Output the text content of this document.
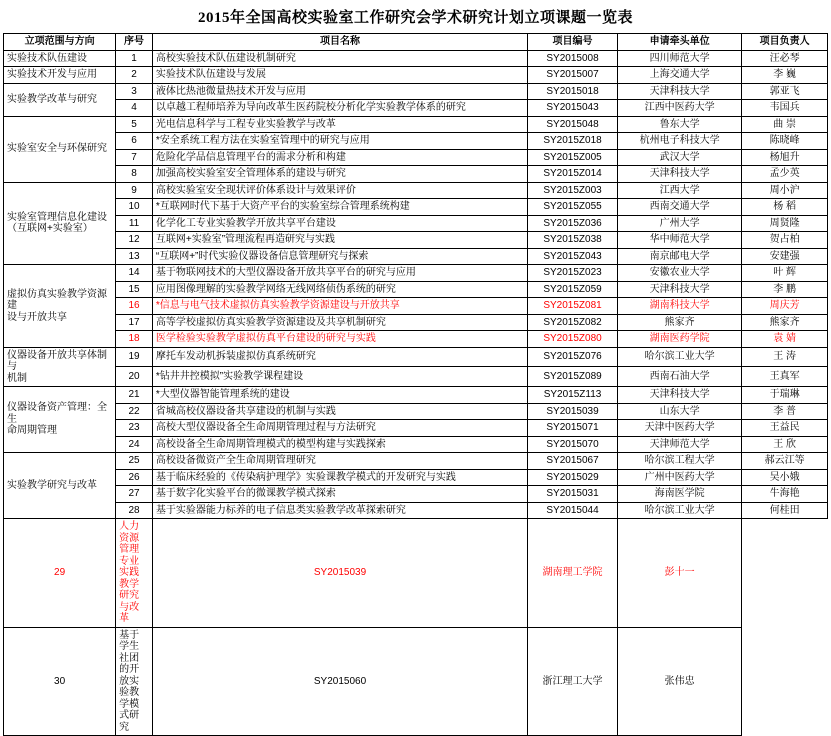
2015年全国高校实验室工作研究会学术研究计划立项课题一览表
立项范围与方向	序号	项目名称	项目编号	申请牵头单位	项目负责人
实验技术队伍建设	1	高校实验技术队伍建设机制研究	SY2015008	四川师范大学	汪必琴
实验技术开发与应用	2	实验技术队伍建设与发展	SY2015007	上海交通大学	李 巍
实验教学改革与研究	3	液体比热池微量热技术开发与应用	SY2015018	天津科技大学	郭亚飞
	4	以卓越工程师培养为导向改革生医药院校分析化学实验教学体系的研究	SY2015043	江西中医药大学	韦国兵
实验室安全与环保研究	5	光电信息科学与工程专业实验教学与改革	SY2015048	鲁东大学	曲 崇
	6	*安全系统工程方法在实验室管理中的研究与应用	SY2015Z018	杭州电子科技大学	陈晓峰
	7	危险化学品信息管理平台的需求分析和构建	SY2015Z005	武汉大学	杨旭升
	8	加强高校实验室安全管理体系的建设与研究	SY2015Z014	天津科技大学	孟少英

实验室管理信息化建设
（互联网+实验室）	9	高校实验室安全现状评价体系设计与效果评价	SY2015Z003	江西大学	周小沪
	10	*互联网时代下基于大资产平台的实验室综合管理系统构建	SY2015Z055	西南交通大学	杨 稻
	11	化学化工专业实验教学开放共享平台建设	SY2015Z036	广州大学	周贤隆
	12	互联网+实验室”管理流程再造研究与实践	SY2015Z038	华中师范大学	贺占柏
	13	“互联网+”时代实验仪器设备信息管理研究与探索	SY2015Z043	南京邮电大学	安建强

虚拟仿真实验教学资源建
设与开放共享	14	基于物联网技术的大型仪器设备开放共享平台的研究与应用	SY2015Z023	安徽农业大学	叶 辉
	15	应用图像理解的实验教学网络无线网络侦伪系统的研究	SY2015Z059	天津科技大学	李 鹏
	16	*信息与电气技术虚拟仿真实验教学资源建设与开放共享	SY2015Z081	湖南科技大学	周庆芳
	17	高等学校虚拟仿真实验教学资源建设及共享机制研究	SY2015Z082	熊家齐	熊家齐
	18	医学检验实验教学虚拟仿真平台建设的研究与实践	SY2015Z080	湖南医药学院	袁 婧

仪器设备开放共享体制与
机制	19	摩托车发动机拆装虚拟仿真系统研究	SY2015Z076	哈尔滨工业大学	王 涛
	20	*钻井井控模拟”实验教学课程建设	SY2015Z089	西南石油大学	王真军

仪器设备资产管理：全生
命周期管理	21	*大型仪器智能管理系统的建设	SY2015Z113	天津科技大学	于瑞琳
	22	省城高校仪器设备共享建设的机制与实践	SY2015039	山东大学	李 普
	23	高校大型仪器设备全生命周期管理过程与方法研究	SY2015071	天津中医药大学	王益民
	24	高校设备全生命周期管理模式的模型构建与实践探索	SY2015070	天津师范大学	王 欣
实验教学研究与改革	25	高校设备微资产全生命周期管理研究	SY2015067	哈尔滨工程大学	郝云江等
	26	基于临床经验的《传染病护理学》实验课教学模式的开发研究与实践	SY2015029	广州中医药大学	吴小娥
	27	基于数字化实验平台的微课教学模式探索	SY2015031	海南医学院	牛海艳
	28	基于实验器能力标养的电子信息类实验教学改革探索研究	SY2015044	哈尔滨工业大学	何桂田
29	人力资源管理专业实践教学研究与改革	SY2015039	湖南理工学院	彭十一	
30	基于学生社团的开放实验教学模式研究	SY2015060	浙江理工大学	张伟忠	
